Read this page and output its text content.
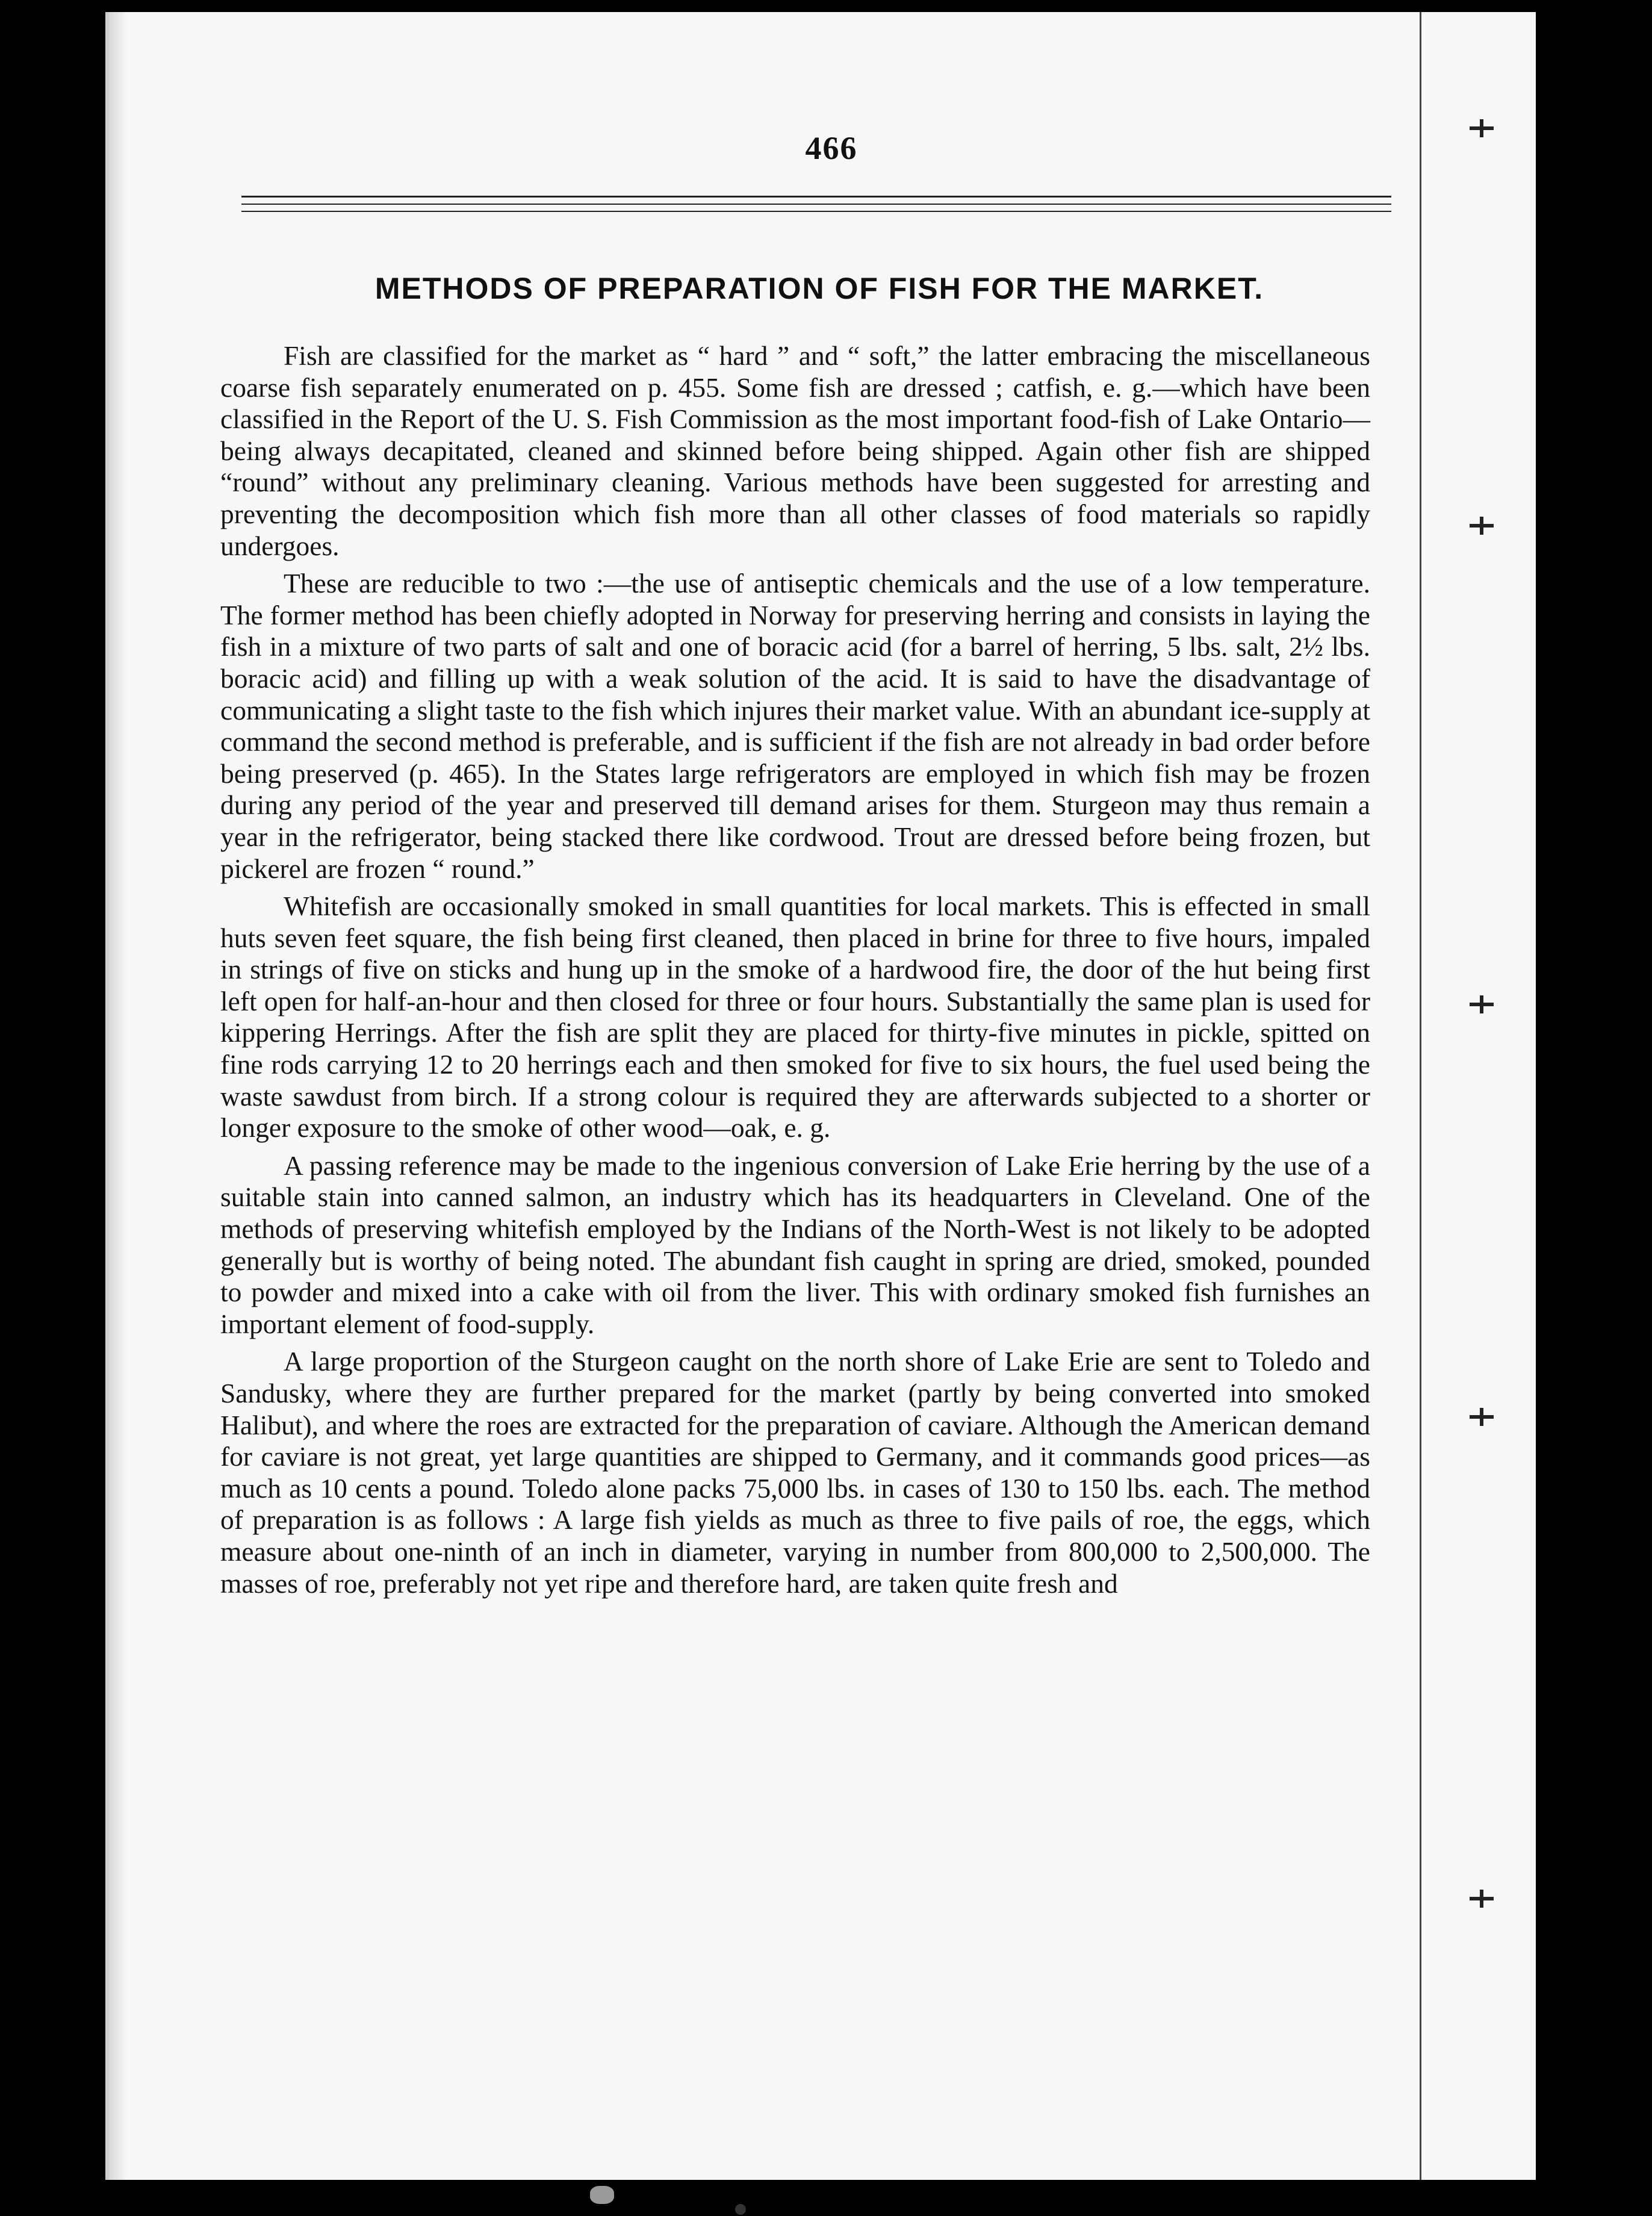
466
METHODS OF PREPARATION OF FISH FOR THE MARKET.

Fish are classified for the market as “ hard ” and “ soft,” the latter embracing the miscellaneous coarse fish separately enumerated on p. 455. Some fish are dressed ; catfish, e. g.—which have been classified in the Report of the U. S. Fish Commission as the most important food-fish of Lake Ontario—being always decapitated, cleaned and skinned before being shipped. Again other fish are shipped “round” without any preliminary cleaning. Various methods have been suggested for arresting and preventing the decomposition which fish more than all other classes of food materials so rapidly undergoes.

These are reducible to two :—the use of antiseptic chemicals and the use of a low temperature. The former method has been chiefly adopted in Norway for preserving herring and consists in laying the fish in a mixture of two parts of salt and one of boracic acid (for a barrel of herring, 5 lbs. salt, 2½ lbs. boracic acid) and filling up with a weak solution of the acid. It is said to have the disadvantage of communicating a slight taste to the fish which injures their market value. With an abundant ice-supply at command the second method is preferable, and is sufficient if the fish are not already in bad order before being preserved (p. 465). In the States large refrigerators are employed in which fish may be frozen during any period of the year and preserved till demand arises for them. Sturgeon may thus remain a year in the refrigerator, being stacked there like cordwood. Trout are dressed before being frozen, but pickerel are frozen “ round.”

Whitefish are occasionally smoked in small quantities for local markets. This is effected in small huts seven feet square, the fish being first cleaned, then placed in brine for three to five hours, impaled in strings of five on sticks and hung up in the smoke of a hardwood fire, the door of the hut being first left open for half-an-hour and then closed for three or four hours. Substantially the same plan is used for kippering Herrings. After the fish are split they are placed for thirty-five minutes in pickle, spitted on fine rods carrying 12 to 20 herrings each and then smoked for five to six hours, the fuel used being the waste sawdust from birch. If a strong colour is required they are afterwards subjected to a shorter or longer exposure to the smoke of other wood—oak, e. g.

A passing reference may be made to the ingenious conversion of Lake Erie herring by the use of a suitable stain into canned salmon, an industry which has its headquarters in Cleveland. One of the methods of preserving whitefish employed by the Indians of the North-West is not likely to be adopted generally but is worthy of being noted. The abundant fish caught in spring are dried, smoked, pounded to powder and mixed into a cake with oil from the liver. This with ordinary smoked fish furnishes an important element of food-supply.

A large proportion of the Sturgeon caught on the north shore of Lake Erie are sent to Toledo and Sandusky, where they are further prepared for the market (partly by being converted into smoked Halibut), and where the roes are extracted for the preparation of caviare. Although the American demand for caviare is not great, yet large quantities are shipped to Germany, and it commands good prices—as much as 10 cents a pound. Toledo alone packs 75,000 lbs. in cases of 130 to 150 lbs. each. The method of preparation is as follows : A large fish yields as much as three to five pails of roe, the eggs, which measure about one-ninth of an inch in diameter, varying in number from 800,000 to 2,500,000. The masses of roe, preferably not yet ripe and therefore hard, are taken quite fresh and
